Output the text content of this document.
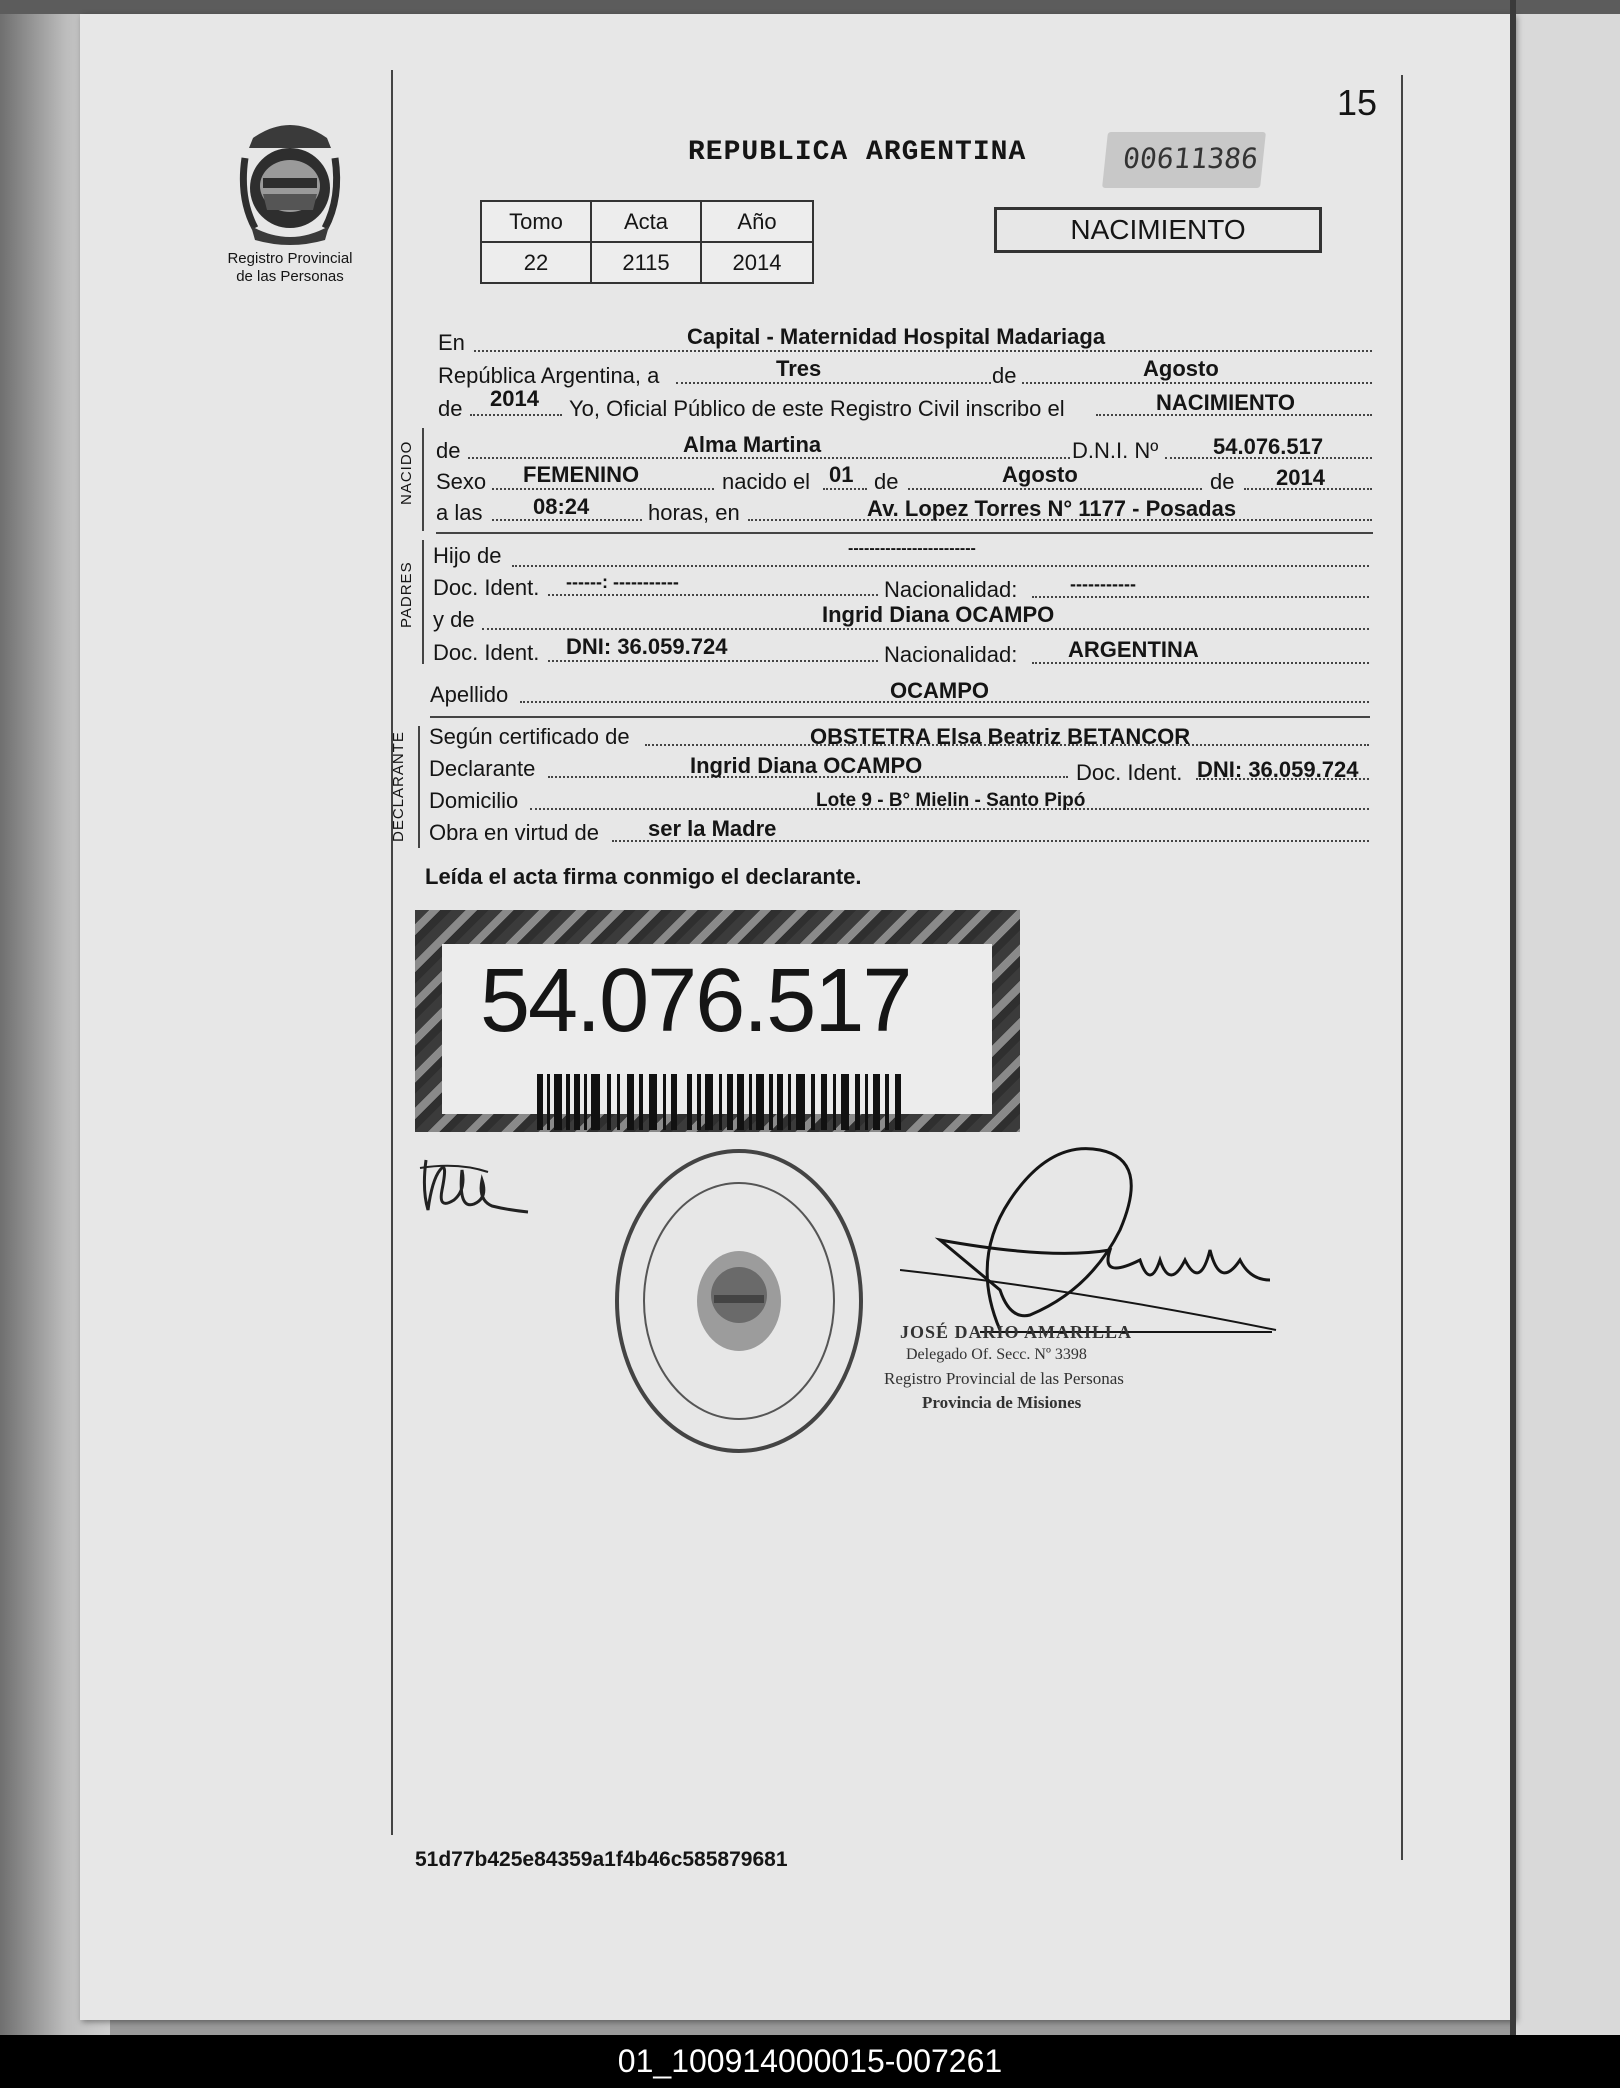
15
Registro Provincial
de las Personas
REPUBLICA ARGENTINA	00611386
Tomo	Acta	Año
22	2115	2014
NACIMIENTO
En	Capital - Maternidad Hospital Madariaga
República Argentina, a	Tres	de	Agosto
de 2014 Yo, Oficial Público de este Registro Civil inscribo el	NACIMIENTO
NACIDO de	Alma Martina	D.N.I. Nº 54.076.517
Sexo FEMENINO	nacido el 01 de	Agosto	de 2014
a las 08:24	horas, en	Av. Lopez Torres N° 1177 - Posadas
PADRES
Hijo de	------------------------
Doc. Ident. ------: -----------	Nacionalidad:	-----------
y de	Ingrid Diana OCAMPO
Doc. Ident. DNI: 36.059.724	Nacionalidad: ARGENTINA
Apellido	OCAMPO
DECLARANTE Según certificado de	OBSTETRA Elsa Beatriz BETANCOR
Declarante	Ingrid Diana OCAMPO	Doc. Ident. DNI: 36.059.724
Domicilio	Lote 9 - B° Mielin - Santo Pipó
Obra en virtud de ser la Madre
Leída el acta firma conmigo el declarante.
54.076.517
JOSÉ DARIO AMARILLA
Delegado Of. Secc. Nº 3398
Registro Provincial de las Personas
Provincia de Misiones
51d77b425e84359a1f4b46c585879681
01_100914000015-007261
